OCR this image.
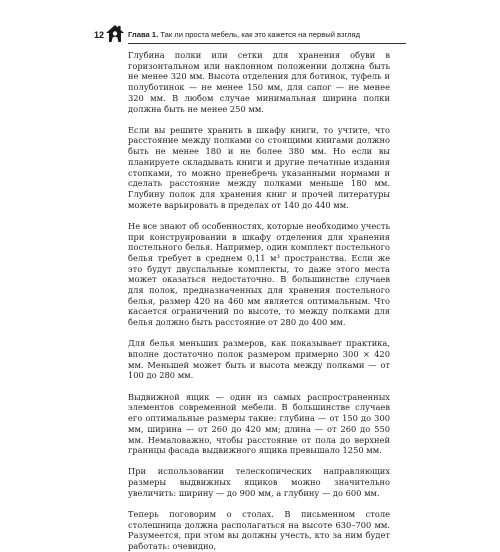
12	Глава 1. Так ли проста мебель, как это кажется на первый взгляд

Глубина полки или сетки для хранения обуви в горизонтальном или наклонном положении должна быть не менее 320 мм. Высота отделения для ботинок, туфель и полуботинок — не менее 150 мм, для сапог — не менее 320 мм. В любом случае минимальная ширина полки должна быть не менее 250 мм.

Если вы решите хранить в шкафу книги, то учтите, что расстояние между полками со стоящими книгами должно быть не менее 180 и не более 380 мм. Но если вы планируете складывать книги и другие печатные издания стопками, то можно пренебречь указанными нормами и сделать расстояние между полками меньше 180 мм. Глубину полок для хранения книг и прочей литературы можете варьировать в пределах от 140 до 440 мм.

Не все знают об особенностях, которые необходимо учесть при конструировании в шкафу отделения для хранения постельного белья. Например, один комплект постельного белья требует в среднем 0,11 м³ пространства. Если же это будут двуспальные комплекты, то даже этого места может оказаться недостаточно. В большинстве случаев для полок, предназначенных для хранения постельного белья, размер 420 на 460 мм является оптимальным. Что касается ограничений по высоте, то между полками для белья должно быть расстояние от 280 до 400 мм.

Для белья меньших размеров, как показывает практика, вполне достаточно полок размером примерно 300 × 420 мм. Меньшей может быть и высота между полками — от 100 до 280 мм.

Выдвижной ящик — один из самых распространенных элементов современной мебели. В большинстве случаев его оптимальные размеры такие: глубина — от 150 до 300 мм, ширина — от 260 до 420 мм; длина — от 260 до 550 мм. Немаловажно, чтобы расстояние от пола до верхней границы фасада выдвижного ящика превышало 1250 мм.

При использовании телескопических направляющих размеры выдвижных ящиков можно значительно увеличить: ширину — до 900 мм, а глубину — до 600 мм.

Теперь поговорим о столах. В письменном столе столешница должна располагаться на высоте 630–700 мм. Разумеется, при этом вы должны учесть, кто за ним будет работать: очевидно,
